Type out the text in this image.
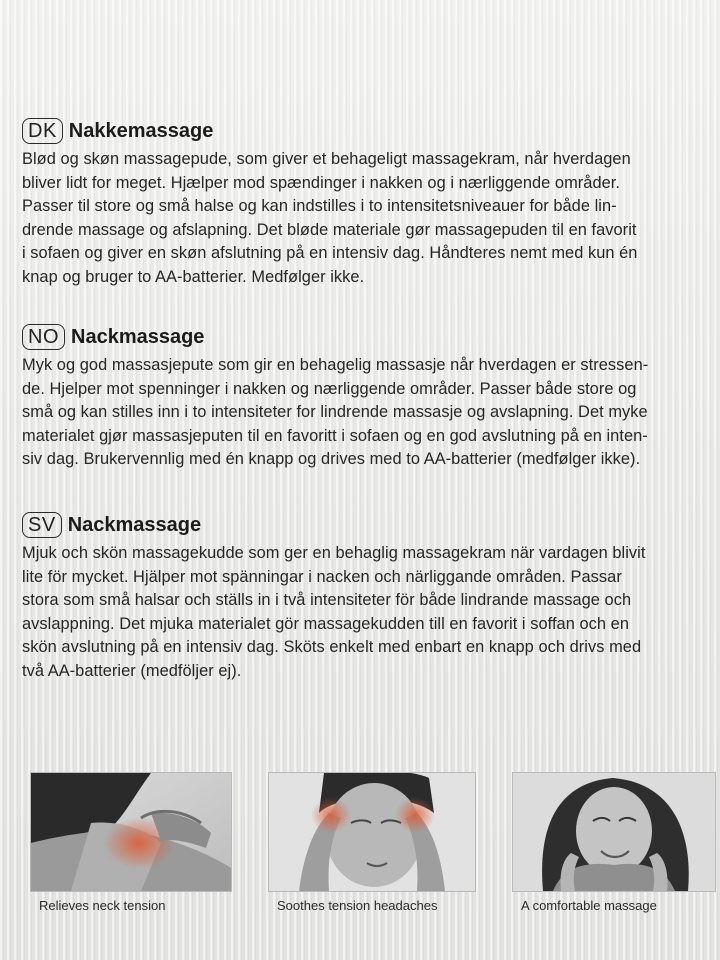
DK Nakkemassage
Blød og skøn massagepude, som giver et behageligt massagekram, når hverdagen
bliver lidt for meget. Hjælper mod spændinger i nakken og i nærliggende områder.
Passer til store og små halse og kan indstilles i to intensitetsniveauer for både lin-
drende massage og afslapning. Det bløde materiale gør massagepuden til en favorit
i sofaen og giver en skøn afslutning på en intensiv dag. Håndteres nemt med kun én
knap og bruger to AA-batterier. Medfølger ikke.
NO Nackmassage
Myk og god massasjepute som gir en behagelig massasje når hverdagen er stressen-
de. Hjelper mot spenninger i nakken og nærliggende områder. Passer både store og
små og kan stilles inn i to intensiteter for lindrende massasje og avslapning. Det myke
materialet gjør massasjeputen til en favoritt i sofaen og en god avslutning på en inten-
siv dag. Brukervennlig med én knapp og drives med to AA-batterier (medfølger ikke).
SV Nackmassage
Mjuk och skön massagekudde som ger en behaglig massagekram när vardagen blivit
lite för mycket. Hjälper mot spänningar i nacken och närliggande områden. Passar
stora som små halsar och ställs in i två intensiteter för både lindrande massage och
avslappning. Det mjuka materialet gör massagekudden till en favorit i soffan och en
skön avslutning på en intensiv dag. Sköts enkelt med enbart en knapp och drivs med
två AA-batterier (medföljer ej).
Relieves neck tension	Soothes tension headaches	A comfortable massage
